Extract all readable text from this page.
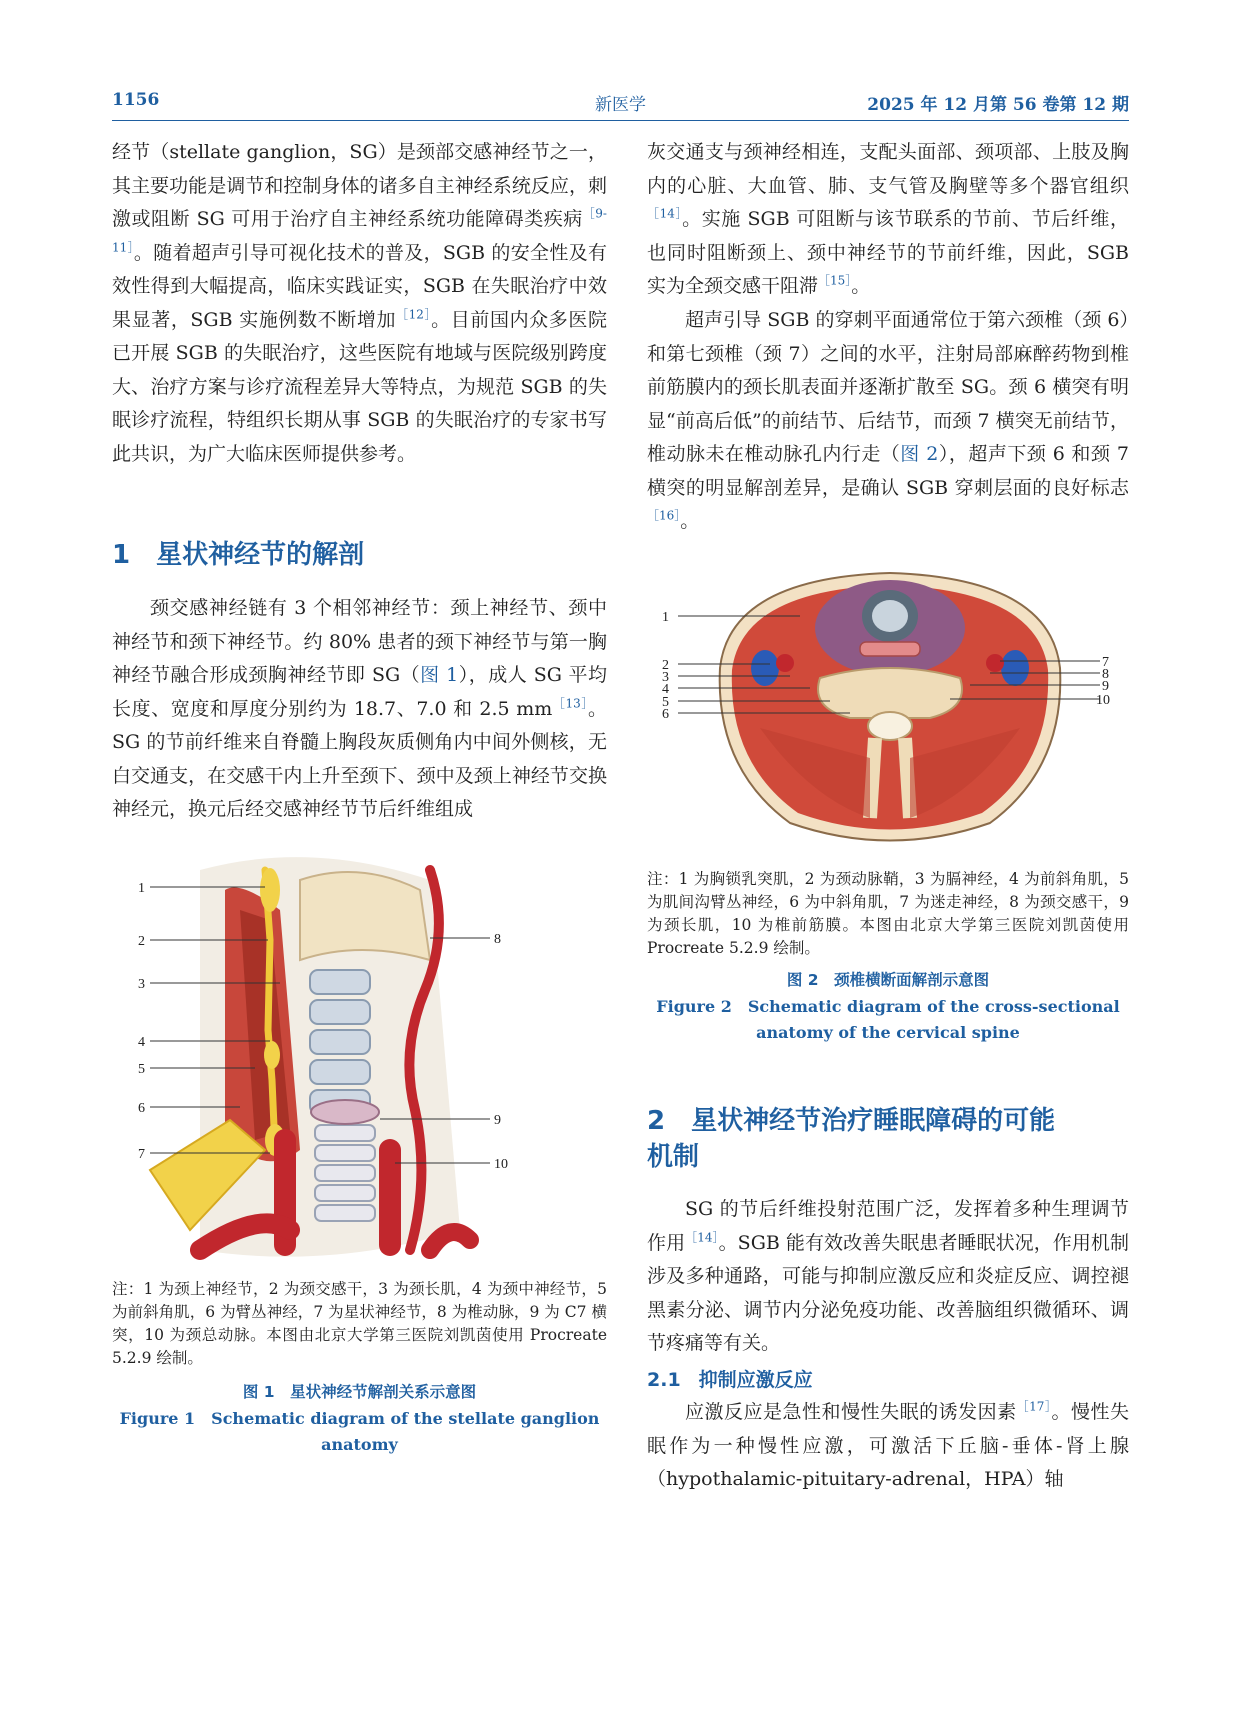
1156	新医学	2025 年 12 月第 56 卷第 12 期

经节（stellate ganglion，SG）是颈部交感神经节之一，其主要功能是调节和控制身体的诸多自主神经系统反应，刺激或阻断 SG 可用于治疗自主神经系统功能障碍类疾病$^{[9-11]}$。随着超声引导可视化技术的普及，SGB 的安全性及有效性得到大幅提高，临床实践证实，SGB 在失眠治疗中效果显著，SGB 实施例数不断增加$^{[12]}$。目前国内众多医院已开展 SGB 的失眠治疗，这些医院有地域与医院级别跨度大、治疗方案与诊疗流程差异大等特点，为规范 SGB 的失眠诊疗流程，特组织长期从事 SGB 的失眠治疗的专家书写此共识，为广大临床医师提供参考。

1 星状神经节的解剖

颈交感神经链有 3 个相邻神经节：颈上神经节、颈中神经节和颈下神经节。约 80% 患者的颈下神经节与第一胸神经节融合形成颈胸神经节即 SG（图 1），成人 SG 平均长度、宽度和厚度分别约为 18.7、7.0 和 2.5 mm$^{[13]}$。SG 的节前纤维来自脊髓上胸段灰质侧角内中间外侧核，无白交通支，在交感干内上升至颈下、颈中及颈上神经节交换神经元，换元后经交感神经节节后纤维组成

1
2
3
4
5
6
7
8
9
10
注：1 为颈上神经节，2 为颈交感干，3 为颈长肌，4 为颈中神经节，5 为前斜角肌，6 为臂丛神经，7 为星状神经节，8 为椎动脉，9 为 C7 横突，10 为颈总动脉。本图由北京大学第三医院刘凯茵使用 Procreate 5.2.9 绘制。
图 1　星状神经节解剖关系示意图
Figure 1　Schematic diagram of the stellate ganglion
anatomy

灰交通支与颈神经相连，支配头面部、颈项部、上肢及胸内的心脏、大血管、肺、支气管及胸壁等多个器官组织$^{[14]}$。实施 SGB 可阻断与该节联系的节前、节后纤维，也同时阻断颈上、颈中神经节的节前纤维，因此，SGB 实为全颈交感干阻滞$^{[15]}$。

超声引导 SGB 的穿刺平面通常位于第六颈椎（颈 6）和第七颈椎（颈 7）之间的水平，注射局部麻醉药物到椎前筋膜内的颈长肌表面并逐渐扩散至 SG。颈 6 横突有明显“前高后低”的前结节、后结节，而颈 7 横突无前结节，椎动脉未在椎动脉孔内行走（图 2），超声下颈 6 和颈 7 横突的明显解剖差异，是确认 SGB 穿刺层面的良好标志$^{[16]}$。

1
2
3
4
5
6
7
8
9
10
注：1 为胸锁乳突肌，2 为颈动脉鞘，3 为膈神经，4 为前斜角肌，5 为肌间沟臂丛神经，6 为中斜角肌，7 为迷走神经，8 为颈交感干，9 为颈长肌，10 为椎前筋膜。本图由北京大学第三医院刘凯茵使用 Procreate 5.2.9 绘制。
图 2　颈椎横断面解剖示意图
Figure 2　Schematic diagram of the cross-sectional
anatomy of the cervical spine
2 星状神经节治疗睡眠障碍的可能
机制

SG 的节后纤维投射范围广泛，发挥着多种生理调节作用$^{[14]}$。SGB 能有效改善失眠患者睡眠状况，作用机制涉及多种通路，可能与抑制应激反应和炎症反应、调控褪黑素分泌、调节内分泌免疫功能、改善脑组织微循环、调节疼痛等有关。

2.1 抑制应激反应

应激反应是急性和慢性失眠的诱发因素$^{[17]}$。慢性失眠作为一种慢性应激，可激活下丘脑-垂体-肾上腺（hypothalamic-pituitary-adrenal，HPA）轴
